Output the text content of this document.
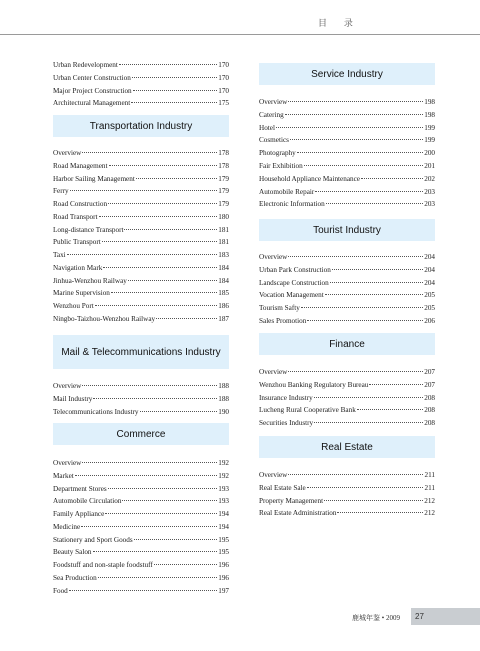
目 录
Urban Redevelopment	170
Urban Center Construction	170
Major Project Construction	170
Architectural Management	175
Transportation Industry
Overview	178
Road Management	178
Harbor Sailing Management	179
Ferry	179
Road Construction	179
Road Transport	180
Long-distance Transport	181
Public Transport	181
Taxi	183
Navigation Mark	184
Jinhua-Wenzhou Railway	184
Marine Supervision	185
Wenzhou Port	186
Ningbo-Taizhou-Wenzhou Railway	187
Mail & Telecommunications Industry
Overview	188
Mail Industry	188
Telecommunications Industry	190
Commerce
Overview	192
Market	192
Department Stores	193
Automobile Circulation	193
Family Appliance	194
Medicine	194
Stationery and Sport Goods	195
Beauty Salon	195
Foodstuff and non-staple foodstuff	196
Sea Production	196
Food	197
Service Industry
Overview	198
Catering	198
Hotel	199
Cosmetics	199
Photography	200
Fair Exhibition	201
Household Appliance Maintenance	202
Automobile Repair	203
Electronic Information	203
Tourist Industry
Overview	204
Urban Park Construction	204
Landscape Construction	204
Vocation Management	205
Tourism Safty	205
Sales Promotion	206
Finance
Overview	207
Wenzhou Banking Regulatory Bureau	207
Insurance Industry	208
Lucheng Rural Cooperative Bank	208
Securities Industry	208
Real Estate
Overview	211
Real Estate Sale	211
Property Management	212
Real Estate Administration	212
鹿城年鉴 • 2009	27
